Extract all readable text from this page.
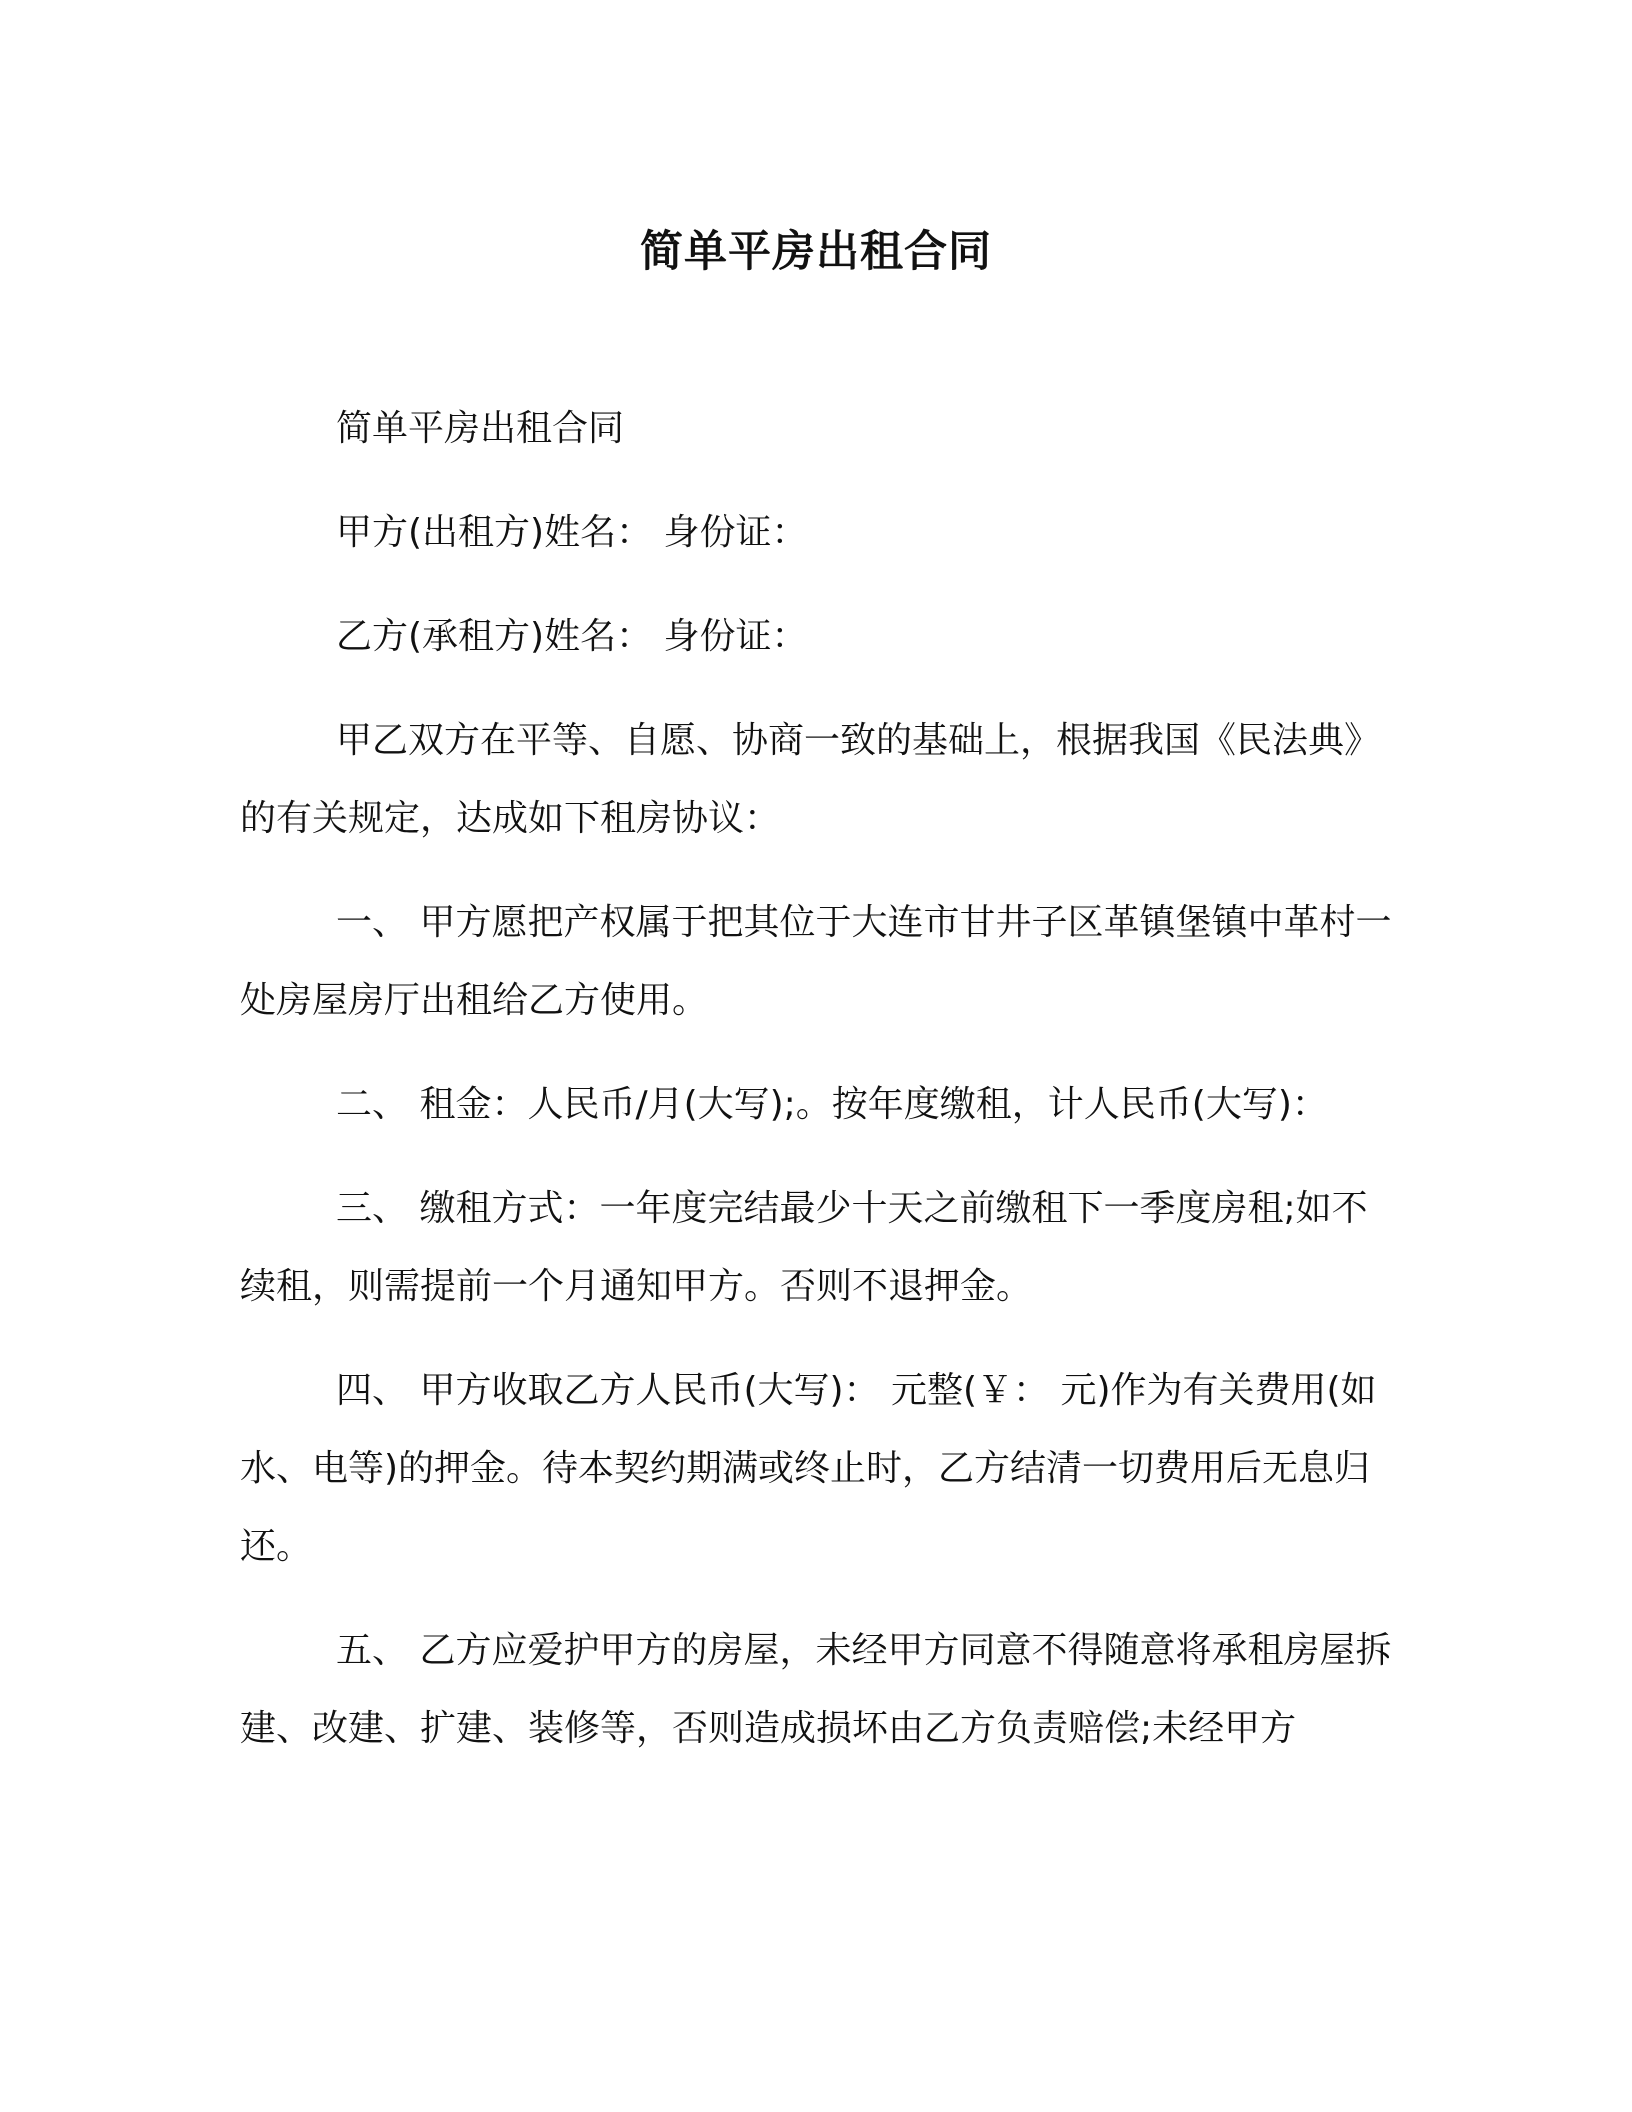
简单平房出租合同

简单平房出租合同

甲方(出租方)姓名： 身份证：

乙方(承租方)姓名： 身份证：

甲乙双方在平等、自愿、协商一致的基础上，根据我国《民法典》的有关规定，达成如下租房协议：

一、 甲方愿把产权属于把其位于大连市甘井子区革镇堡镇中革村一处房屋房厅出租给乙方使用。

二、 租金：人民币/月(大写);。按年度缴租，计人民币(大写)：

三、 缴租方式：一年度完结最少十天之前缴租下一季度房租;如不续租，则需提前一个月通知甲方。否则不退押金。

四、 甲方收取乙方人民币(大写)： 元整(￥： 元)作为有关费用(如水、电等)的押金。待本契约期满或终止时，乙方结清一切费用后无息归还。

五、 乙方应爱护甲方的房屋，未经甲方同意不得随意将承租房屋拆建、改建、扩建、装修等，否则造成损坏由乙方负责赔偿;未经甲方
